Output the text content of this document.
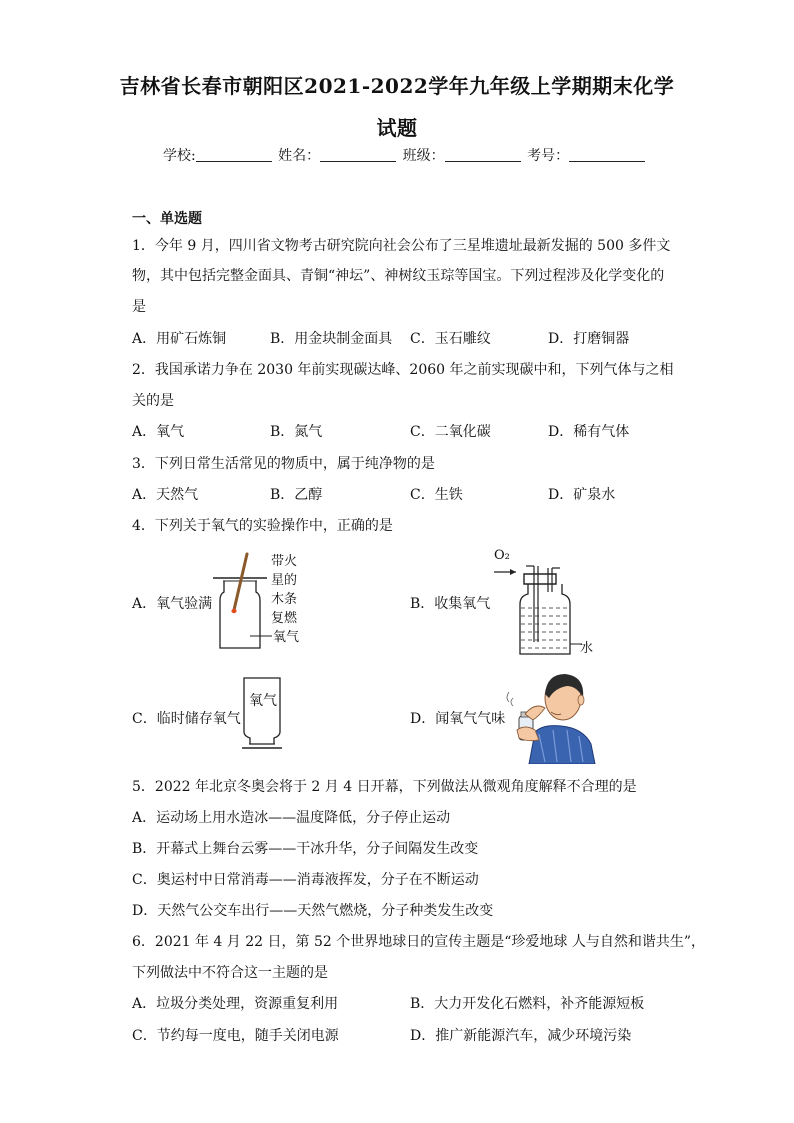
吉林省长春市朝阳区2021-2022学年九年级上学期期末化学
试题
学校:	姓名：	班级：	考号：
一、单选题
1．今年 9 月，四川省文物考古研究院向社会公布了三星堆遗址最新发掘的 500 多件文
物，其中包括完整金面具、青铜“神坛”、神树纹玉琮等国宝。下列过程涉及化学变化的
是
A．用矿石炼铜	B．用金块制金面具 C．玉石雕纹	D．打磨铜器
2．我国承诺力争在 2030 年前实现碳达峰、2060 年之前实现碳中和，下列气体与之相
关的是
A．氧气	B．氮气	C．二氧化碳	D．稀有气体
3．下列日常生活常见的物质中，属于纯净物的是
A．天然气	B．乙醇	C．生铁	D．矿泉水
4．下列关于氧气的实验操作中，正确的是
A．氧气验满
带火
星的
木条
复燃
氧气
B．收集氧气
O₂
水
C．临时储存氧气
氧气
D．闻氧气气味
5．2022 年北京冬奥会将于 2 月 4 日开幕，下列做法从微观角度解释不合理的是
A．运动场上用水造冰——温度降低，分子停止运动
B．开幕式上舞台云雾——干冰升华，分子间隔发生改变
C．奥运村中日常消毒——消毒液挥发，分子在不断运动
D．天然气公交车出行——天然气燃烧，分子种类发生改变
6．2021 年 4 月 22 日，第 52 个世界地球日的宣传主题是“珍爱地球 人与自然和谐共生”，
下列做法中不符合这一主题的是
A．垃圾分类处理，资源重复利用	B．大力开发化石燃料，补齐能源短板
C．节约每一度电，随手关闭电源	D．推广新能源汽车，减少环境污染
